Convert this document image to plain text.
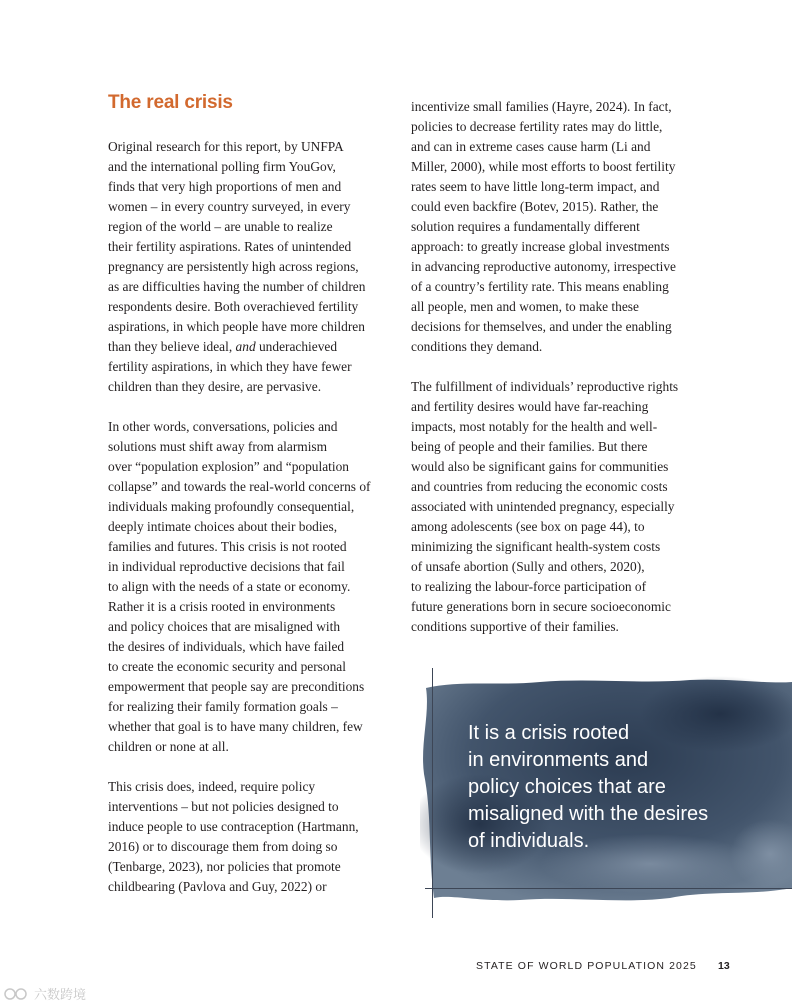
The real crisis
Original research for this report, by UNFPA
and the international polling firm YouGov,
finds that very high proportions of men and
women – in every country surveyed, in every
region of the world – are unable to realize
their fertility aspirations. Rates of unintended
pregnancy are persistently high across regions,
as are difficulties having the number of children
respondents desire. Both overachieved fertility
aspirations, in which people have more children
than they believe ideal, and underachieved
fertility aspirations, in which they have fewer
children than they desire, are pervasive.
In other words, conversations, policies and
solutions must shift away from alarmism
over “population explosion” and “population
collapse” and towards the real-world concerns of
individuals making profoundly consequential,
deeply intimate choices about their bodies,
families and futures. This crisis is not rooted
in individual reproductive decisions that fail
to align with the needs of a state or economy.
Rather it is a crisis rooted in environments
and policy choices that are misaligned with
the desires of individuals, which have failed
to create the economic security and personal
empowerment that people say are preconditions
for realizing their family formation goals –
whether that goal is to have many children, few
children or none at all.
This crisis does, indeed, require policy
interventions – but not policies designed to
induce people to use contraception (Hartmann,
2016) or to discourage them from doing so
(Tenbarge, 2023), nor policies that promote
childbearing (Pavlova and Guy, 2022) or
incentivize small families (Hayre, 2024). In fact,
policies to decrease fertility rates may do little,
and can in extreme cases cause harm (Li and
Miller, 2000), while most efforts to boost fertility
rates seem to have little long-term impact, and
could even backfire (Botev, 2015). Rather, the
solution requires a fundamentally different
approach: to greatly increase global investments
in advancing reproductive autonomy, irrespective
of a country’s fertility rate. This means enabling
all people, men and women, to make these
decisions for themselves, and under the enabling
conditions they demand.
The fulfillment of individuals’ reproductive rights
and fertility desires would have far-reaching
impacts, most notably for the health and well-
being of people and their families. But there
would also be significant gains for communities
and countries from reducing the economic costs
associated with unintended pregnancy, especially
among adolescents (see box on page 44), to
minimizing the significant health-system costs
of unsafe abortion (Sully and others, 2020),
to realizing the labour-force participation of
future generations born in secure socioeconomic
conditions supportive of their families.
It is a crisis rooted
in environments and
policy choices that are
misaligned with the desires
of individuals.
STATE OF WORLD POPULATION 2025 13
六数跨境
